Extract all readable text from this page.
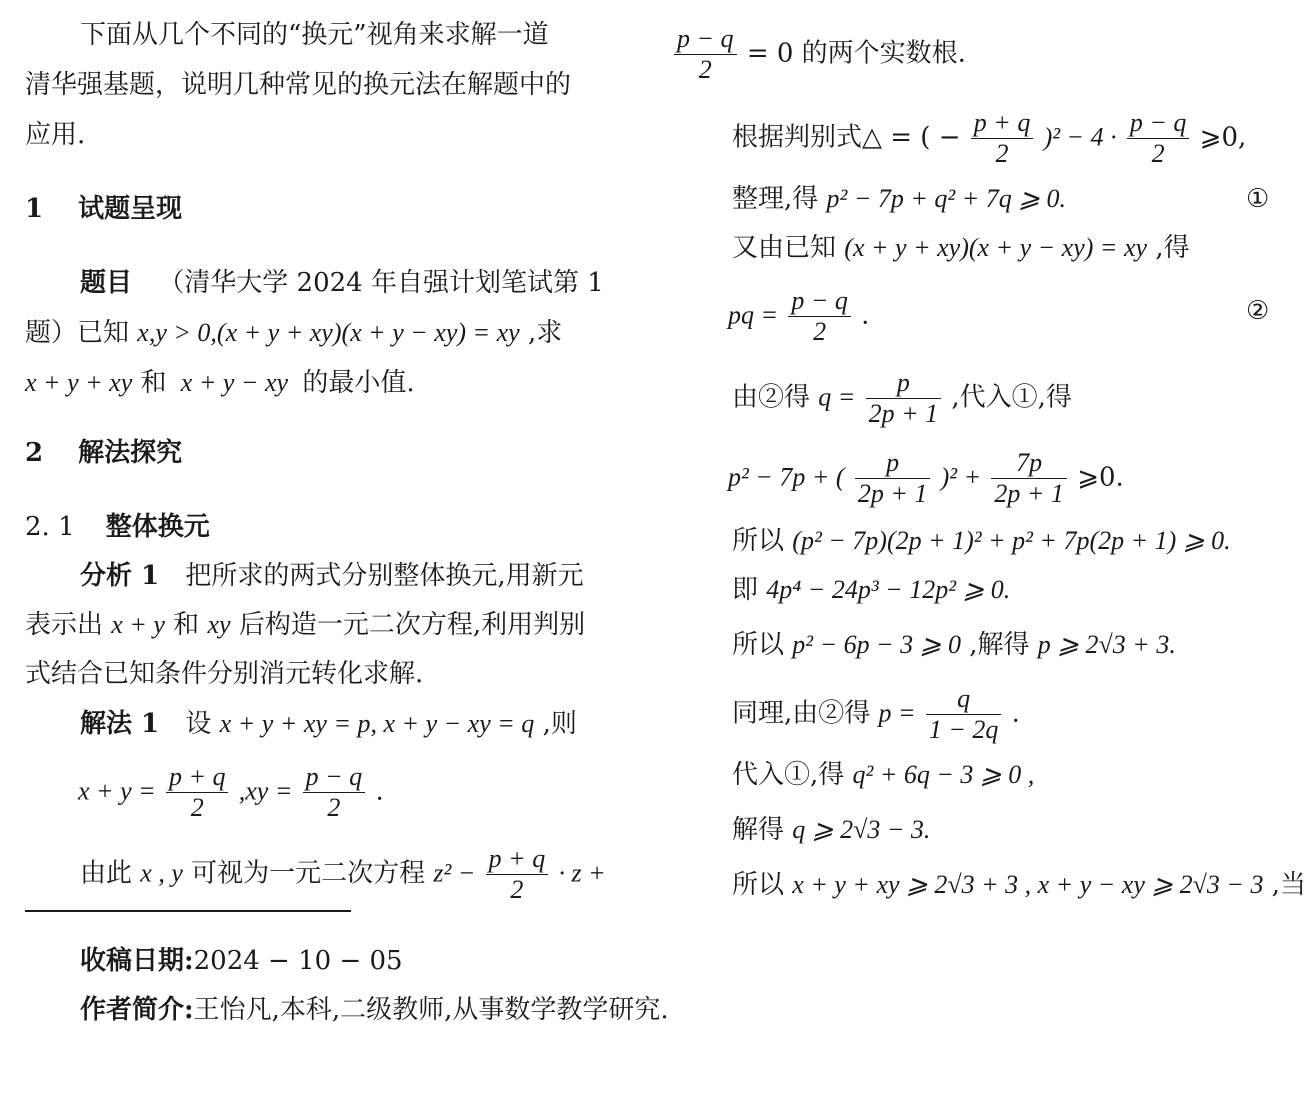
下面从几个不同的“换元”视角来求解一道
清华强基题，说明几种常见的换元法在解题中的
应用.
1 试题呈现
题目 （清华大学 2024 年自强计划笔试第 1
题）已知 x,y > 0,(x + y + xy)(x + y − xy) = xy ,求
x + y + xy 和 x + y − xy 的最小值.
2 解法探究
2. 1 整体换元
分析 1 把所求的两式分别整体换元,用新元
表示出 x + y 和 xy 后构造一元二次方程,利用判别
式结合已知条件分别消元转化求解.
解法 1 设 x + y + xy = p, x + y − xy = q ,则
$x + y = \frac{p + q}{2} ,xy = \frac{p - q}{2}$ .
由此 x , y 可视为一元二次方程 $z^2 - \frac{p + q}{2} \cdot z$ +
收稿日期:2024 − 10 − 05
作者简介:王怡凡,本科,二级教师,从事数学教学研究.
$\frac{p - q}{2} = 0$ 的两个实数根.
根据判别式△ = ( − $\frac{p + q}{2} )^2 - 4 \cdot \frac{p - q}{2}$ ⩾0,
整理,得 p² − 7p + q² + 7q ⩾ 0.	①
又由已知 (x + y + xy)(x + y − xy) = xy ,得
pq = $\frac{p - q}{2}$ .	②
由②得 $q = \frac{p}{2p + 1}$ ,代入①,得
p² − 7p + ( $\frac{p}{2p + 1} )^2 + \frac{7p}{2p + 1}$ ⩾0.
所以 (p² − 7p)(2p + 1)² + p² + 7p(2p + 1) ⩾ 0.
即 4p⁴ − 24p³ − 12p² ⩾ 0.
所以 p² − 6p − 3 ⩾ 0 ,解得 p ⩾ 2√3 + 3.
同理,由②得 $p = \frac{q}{1 - 2q}$ .
代入①,得 q² + 6q − 3 ⩾ 0 ,
解得 q ⩾ 2√3 − 3.
所以 x + y + xy ⩾ 2√3 + 3 , x + y − xy ⩾ 2√3 − 3 ,当
